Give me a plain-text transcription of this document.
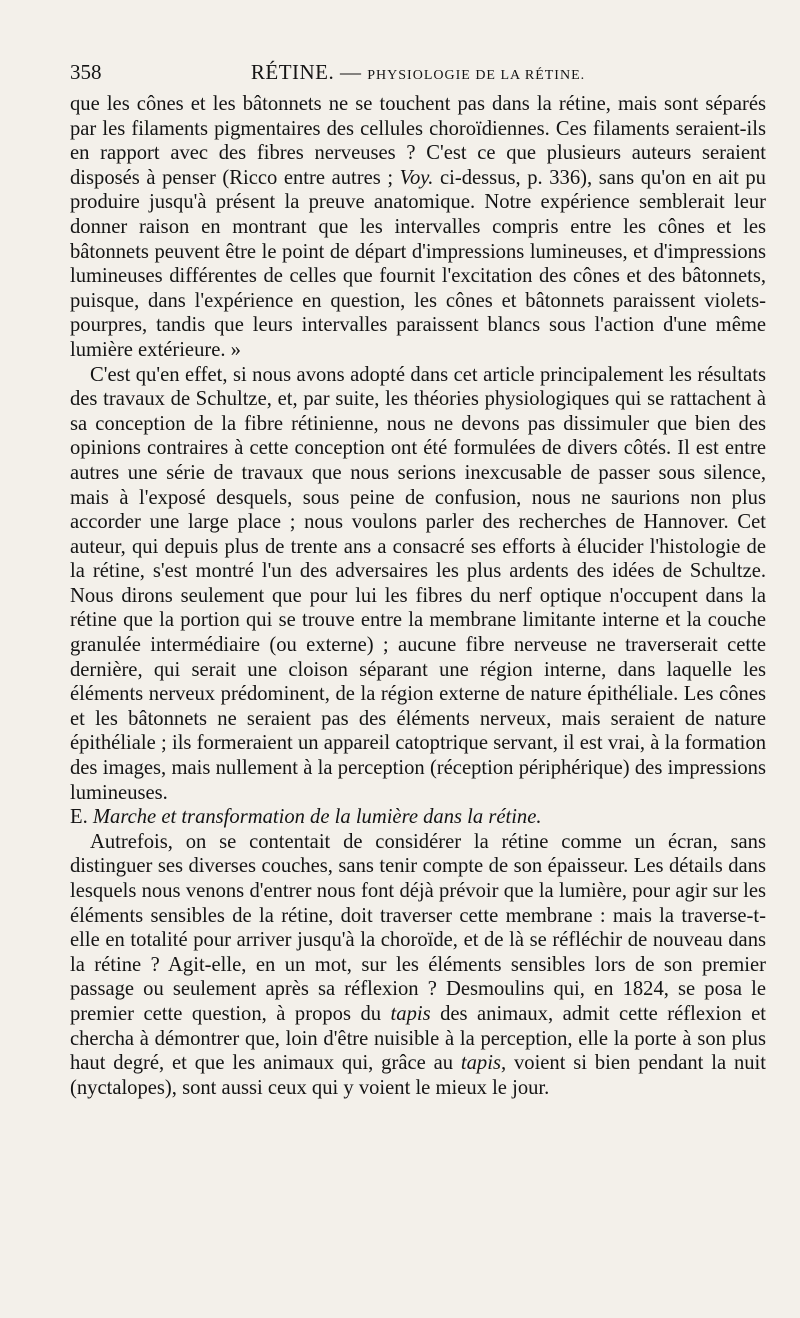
358	RÉTINE. — PHYSIOLOGIE DE LA RÉTINE.

que les cônes et les bâtonnets ne se touchent pas dans la rétine, mais sont séparés par les filaments pigmentaires des cellules choroïdiennes. Ces filaments seraient-ils en rapport avec des fibres nerveuses ? C'est ce que plusieurs auteurs seraient disposés à penser (Ricco entre autres ; Voy. ci-dessus, p. 336), sans qu'on en ait pu produire jusqu'à présent la preuve anatomique. Notre expérience semblerait leur donner raison en montrant que les intervalles compris entre les cônes et les bâtonnets peuvent être le point de départ d'impressions lumineuses, et d'impressions lumineuses différentes de celles que fournit l'excitation des cônes et des bâtonnets, puisque, dans l'expérience en question, les cônes et bâtonnets paraissent violets-pourpres, tandis que leurs intervalles paraissent blancs sous l'action d'une même lumière extérieure. »

C'est qu'en effet, si nous avons adopté dans cet article principalement les résultats des travaux de Schultze, et, par suite, les théories physiologiques qui se rattachent à sa conception de la fibre rétinienne, nous ne devons pas dissimuler que bien des opinions contraires à cette conception ont été formulées de divers côtés. Il est entre autres une série de travaux que nous serions inexcusable de passer sous silence, mais à l'exposé desquels, sous peine de confusion, nous ne saurions non plus accorder une large place ; nous voulons parler des recherches de Hannover. Cet auteur, qui depuis plus de trente ans a consacré ses efforts à élucider l'histologie de la rétine, s'est montré l'un des adversaires les plus ardents des idées de Schultze. Nous dirons seulement que pour lui les fibres du nerf optique n'occupent dans la rétine que la portion qui se trouve entre la membrane limitante interne et la couche granulée intermédiaire (ou externe) ; aucune fibre nerveuse ne traverserait cette dernière, qui serait une cloison séparant une région interne, dans laquelle les éléments nerveux prédominent, de la région externe de nature épithéliale. Les cônes et les bâtonnets ne seraient pas des éléments nerveux, mais seraient de nature épithéliale ; ils formeraient un appareil catoptrique servant, il est vrai, à la formation des images, mais nullement à la perception (réception périphérique) des impressions lumineuses.

E. Marche et transformation de la lumière dans la rétine.

Autrefois, on se contentait de considérer la rétine comme un écran, sans distinguer ses diverses couches, sans tenir compte de son épaisseur. Les détails dans lesquels nous venons d'entrer nous font déjà prévoir que la lumière, pour agir sur les éléments sensibles de la rétine, doit traverser cette membrane : mais la traverse-t-elle en totalité pour arriver jusqu'à la choroïde, et de là se réfléchir de nouveau dans la rétine ? Agit-elle, en un mot, sur les éléments sensibles lors de son premier passage ou seulement après sa réflexion ? Desmoulins qui, en 1824, se posa le premier cette question, à propos du tapis des animaux, admit cette réflexion et chercha à démontrer que, loin d'être nuisible à la perception, elle la porte à son plus haut degré, et que les animaux qui, grâce au tapis, voient si bien pendant la nuit (nyctalopes), sont aussi ceux qui y voient le mieux le jour.
